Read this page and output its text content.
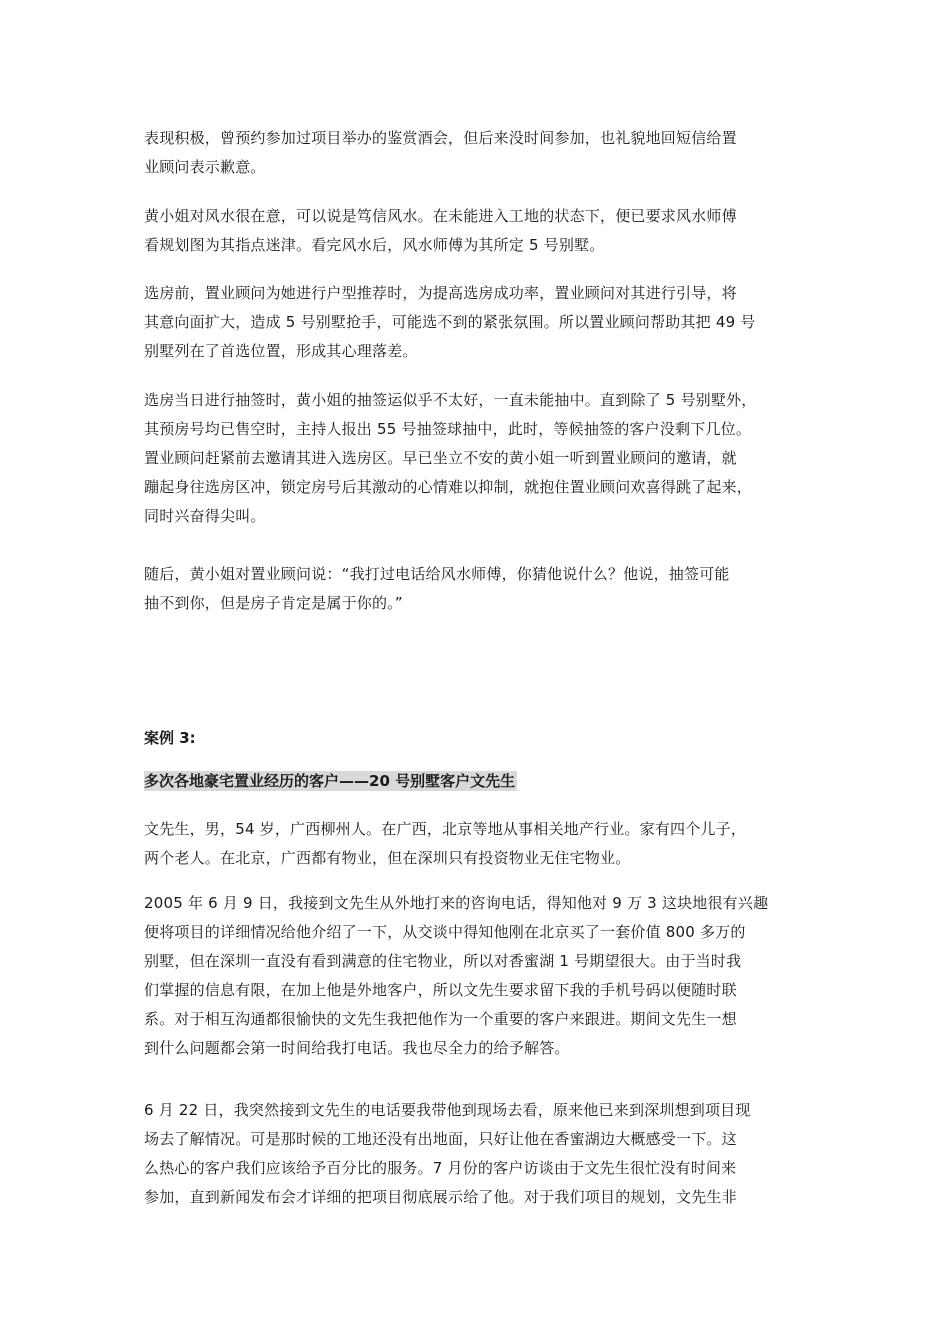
表现积极，曾预约参加过项目举办的鉴赏酒会，但后来没时间参加，也礼貌地回短信给置
业顾问表示歉意。
黄小姐对风水很在意，可以说是笃信风水。在未能进入工地的状态下，便已要求风水师傅
看规划图为其指点迷津。看完风水后，风水师傅为其所定 5 号别墅。
选房前，置业顾问为她进行户型推荐时，为提高选房成功率，置业顾问对其进行引导，将
其意向面扩大，造成 5 号别墅抢手，可能选不到的紧张氛围。所以置业顾问帮助其把 49 号
别墅列在了首选位置，形成其心理落差。
选房当日进行抽签时，黄小姐的抽签运似乎不太好，一直未能抽中。直到除了 5 号别墅外，
其预房号均已售空时，主持人报出 55 号抽签球抽中，此时，等候抽签的客户没剩下几位。
置业顾问赶紧前去邀请其进入选房区。早已坐立不安的黄小姐一听到置业顾问的邀请，就
蹦起身往选房区冲，锁定房号后其激动的心情难以抑制，就抱住置业顾问欢喜得跳了起来，
同时兴奋得尖叫。
随后，黄小姐对置业顾问说：“我打过电话给风水师傅，你猜他说什么？他说，抽签可能
抽不到你，但是房子肯定是属于你的。”
案例 3:
多次各地豪宅置业经历的客户——20 号别墅客户文先生
文先生，男，54 岁，广西柳州人。在广西，北京等地从事相关地产行业。家有四个儿子，
两个老人。在北京，广西都有物业，但在深圳只有投资物业无住宅物业。
2005 年 6 月 9 日，我接到文先生从外地打来的咨询电话，得知他对 9 万 3 这块地很有兴趣
便将项目的详细情况给他介绍了一下，从交谈中得知他刚在北京买了一套价值 800 多万的
别墅，但在深圳一直没有看到满意的住宅物业，所以对香蜜湖 1 号期望很大。由于当时我
们掌握的信息有限，在加上他是外地客户，所以文先生要求留下我的手机号码以便随时联
系。对于相互沟通都很愉快的文先生我把他作为一个重要的客户来跟进。期间文先生一想
到什么问题都会第一时间给我打电话。我也尽全力的给予解答。
6 月 22 日，我突然接到文先生的电话要我带他到现场去看，原来他已来到深圳想到项目现
场去了解情况。可是那时候的工地还没有出地面，只好让他在香蜜湖边大概感受一下。这
么热心的客户我们应该给予百分比的服务。7 月份的客户访谈由于文先生很忙没有时间来
参加，直到新闻发布会才详细的把项目彻底展示给了他。对于我们项目的规划，文先生非
